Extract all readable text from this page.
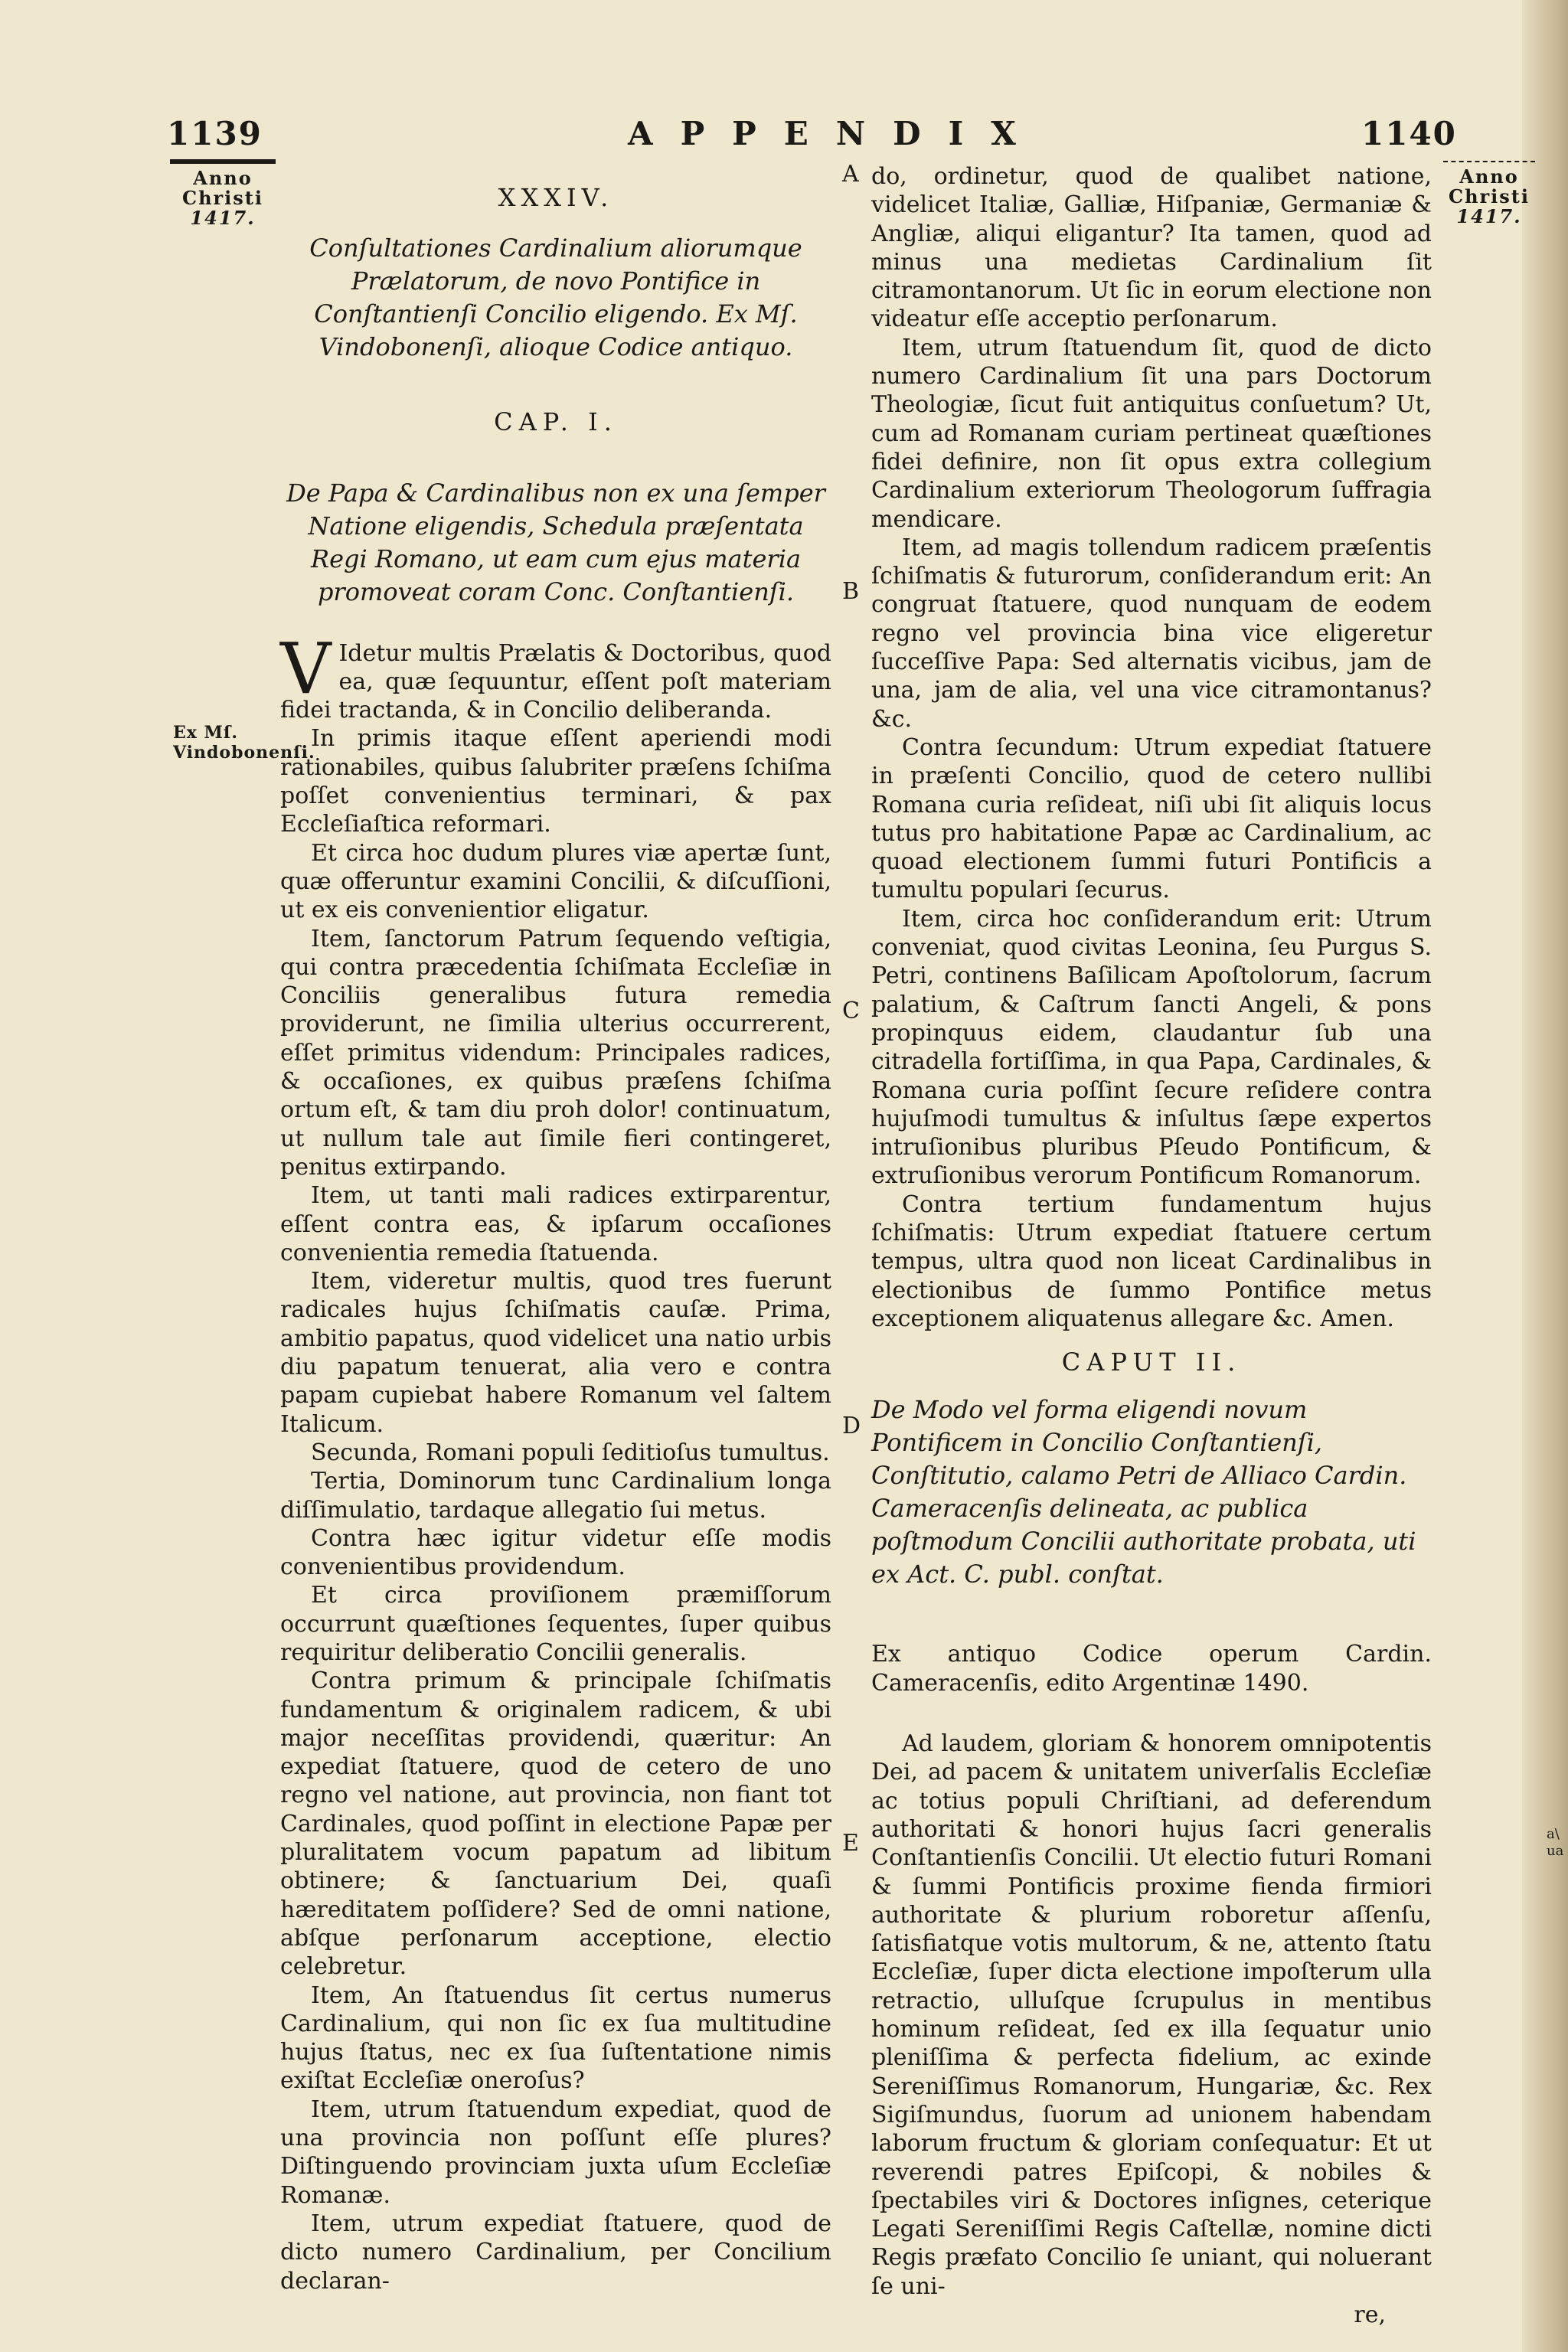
1139	APPENDIX	1140
Anno
Christi
1417.
Anno
Christi
1417.
Ex Mſ. Vindobonenſi.
A
B
C
D
E	a\
ua
XXXIV.
Conſultationes Cardinalium aliorumque Prælatorum, de novo Pontifice in Conſtantienſi Concilio eligendo. Ex Mſ. Vindobonenſi, alioque Codice antiquo.
CAP. I.
De Papa & Cardinalibus non ex una ſemper Natione eligendis, Schedula præſentata Regi Romano, ut eam cum ejus materia promoveat coram Conc. Conſtantienſi.

V Idetur multis Prælatis & Doctoribus, quod ea, quæ ſequuntur, eſſent poſt materiam fidei tractanda, & in Concilio deliberanda.

In primis itaque eſſent aperiendi modi rationabiles, quibus ſalubriter præſens ſchiſma poſſet convenientius terminari, & pax Eccleſiaſtica reformari.

Et circa hoc dudum plures viæ apertæ ſunt, quæ offeruntur examini Concilii, & diſcuſſioni, ut ex eis convenientior eligatur.

Item, ſanctorum Patrum ſequendo veſtigia, qui contra præcedentia ſchiſmata Eccleſiæ in Conciliis generalibus futura remedia providerunt, ne ſimilia ulterius occurrerent, eſſet primitus videndum: Principales radices, & occaſiones, ex quibus præſens ſchiſma ortum eſt, & tam diu proh dolor! continuatum, ut nullum tale aut ſimile fieri contingeret, penitus extirpando.

Item, ut tanti mali radices extirparentur, eſſent contra eas, & ipſarum occaſiones convenientia remedia ſtatuenda.

Item, videretur multis, quod tres fuerunt radicales hujus ſchiſmatis cauſæ. Prima, ambitio papatus, quod videlicet una natio urbis diu papatum tenuerat, alia vero e contra papam cupiebat habere Romanum vel ſaltem Italicum.

Secunda, Romani populi ſeditioſus tumultus.

Tertia, Dominorum tunc Cardinalium longa diſſimulatio, tardaque allegatio ſui metus.

Contra hæc igitur videtur eſſe modis convenientibus providendum.

Et circa proviſionem præmiſſorum occurrunt quæſtiones ſequentes, ſuper quibus requiritur deliberatio Concilii generalis.

Contra primum & principale ſchiſmatis fundamentum & originalem radicem, & ubi major neceſſitas providendi, quæritur: An expediat ſtatuere, quod de cetero de uno regno vel natione, aut provincia, non fiant tot Cardinales, quod poſſint in electione Papæ per pluralitatem vocum papatum ad libitum obtinere; & ſanctuarium Dei, quaſi hæreditatem poſſidere? Sed de omni natione, abſque perſonarum acceptione, electio celebretur.

Item, An ſtatuendus ſit certus numerus Cardinalium, qui non ſic ex ſua multitudine hujus ſtatus, nec ex ſua ſuſtentatione nimis exiſtat Eccleſiæ oneroſus?

Item, utrum ſtatuendum expediat, quod de una provincia non poſſunt eſſe plures? Diſtinguendo provinciam juxta uſum Eccleſiæ Romanæ.

Item, utrum expediat ſtatuere, quod de dicto numero Cardinalium, per Concilium declaran-

do, ordinetur, quod de qualibet natione, videlicet Italiæ, Galliæ, Hiſpaniæ, Germaniæ & Angliæ, aliqui eligantur? Ita tamen, quod ad minus una medietas Cardinalium ſit citramontanorum. Ut ſic in eorum electione non videatur eſſe acceptio perſonarum.

Item, utrum ſtatuendum ſit, quod de dicto numero Cardinalium ſit una pars Doctorum Theologiæ, ſicut fuit antiquitus conſuetum? Ut, cum ad Romanam curiam pertineat quæſtiones fidei definire, non ſit opus extra collegium Cardinalium exteriorum Theologorum ſuffragia mendicare.

Item, ad magis tollendum radicem præſentis ſchiſmatis & futurorum, conſiderandum erit: An congruat ſtatuere, quod nunquam de eodem regno vel provincia bina vice eligeretur ſucceſſive Papa: Sed alternatis vicibus, jam de una, jam de alia, vel una vice citramontanus? &c.

Contra ſecundum: Utrum expediat ſtatuere in præſenti Concilio, quod de cetero nullibi Romana curia reſideat, niſi ubi ſit aliquis locus tutus pro habitatione Papæ ac Cardinalium, ac quoad electionem ſummi futuri Pontificis a tumultu populari ſecurus.

Item, circa hoc conſiderandum erit: Utrum conveniat, quod civitas Leonina, ſeu Purgus S. Petri, continens Baſilicam Apoſtolorum, ſacrum palatium, & Caſtrum ſancti Angeli, & pons propinquus eidem, claudantur ſub una citradella fortiſſima, in qua Papa, Cardinales, & Romana curia poſſint ſecure reſidere contra hujuſmodi tumultus & inſultus ſæpe expertos intruſionibus pluribus Pſeudo Pontificum, & extruſionibus verorum Pontificum Romanorum.

Contra tertium fundamentum hujus ſchiſmatis: Utrum expediat ſtatuere certum tempus, ultra quod non liceat Cardinalibus in electionibus de ſummo Pontifice metus exceptionem aliquatenus allegare &c. Amen.

CAPUT II.
De Modo vel forma eligendi novum Pontificem in Concilio Conſtantienſi, Conſtitutio, calamo Petri de Alliaco Cardin. Cameracenſis delineata, ac publica poſtmodum Concilii authoritate probata, uti ex Act. C. publ. conſtat.

Ex antiquo Codice operum Cardin. Cameracenſis, edito Argentinæ 1490.

Ad laudem, gloriam & honorem omnipotentis Dei, ad pacem & unitatem univerſalis Eccleſiæ ac totius populi Chriſtiani, ad deferendum authoritati & honori hujus ſacri generalis Conſtantienſis Concilii. Ut electio futuri Romani & ſummi Pontificis proxime fienda firmiori authoritate & plurium roboretur aſſenſu, ſatisfiatque votis multorum, & ne, attento ſtatu Eccleſiæ, ſuper dicta electione impoſterum ulla retractio, ulluſque ſcrupulus in mentibus hominum reſideat, ſed ex illa ſequatur unio pleniſſima & perfecta fidelium, ac exinde Sereniſſimus Romanorum, Hungariæ, &c. Rex Sigiſmundus, ſuorum ad unionem habendam laborum fructum & gloriam conſequatur: Et ut reverendi patres Epiſcopi, & nobiles & ſpectabiles viri & Doctores inſignes, ceterique Legati Sereniſſimi Regis Caſtellæ, nomine dicti Regis præfato Concilio ſe uniant, qui noluerant ſe uni-

re,
